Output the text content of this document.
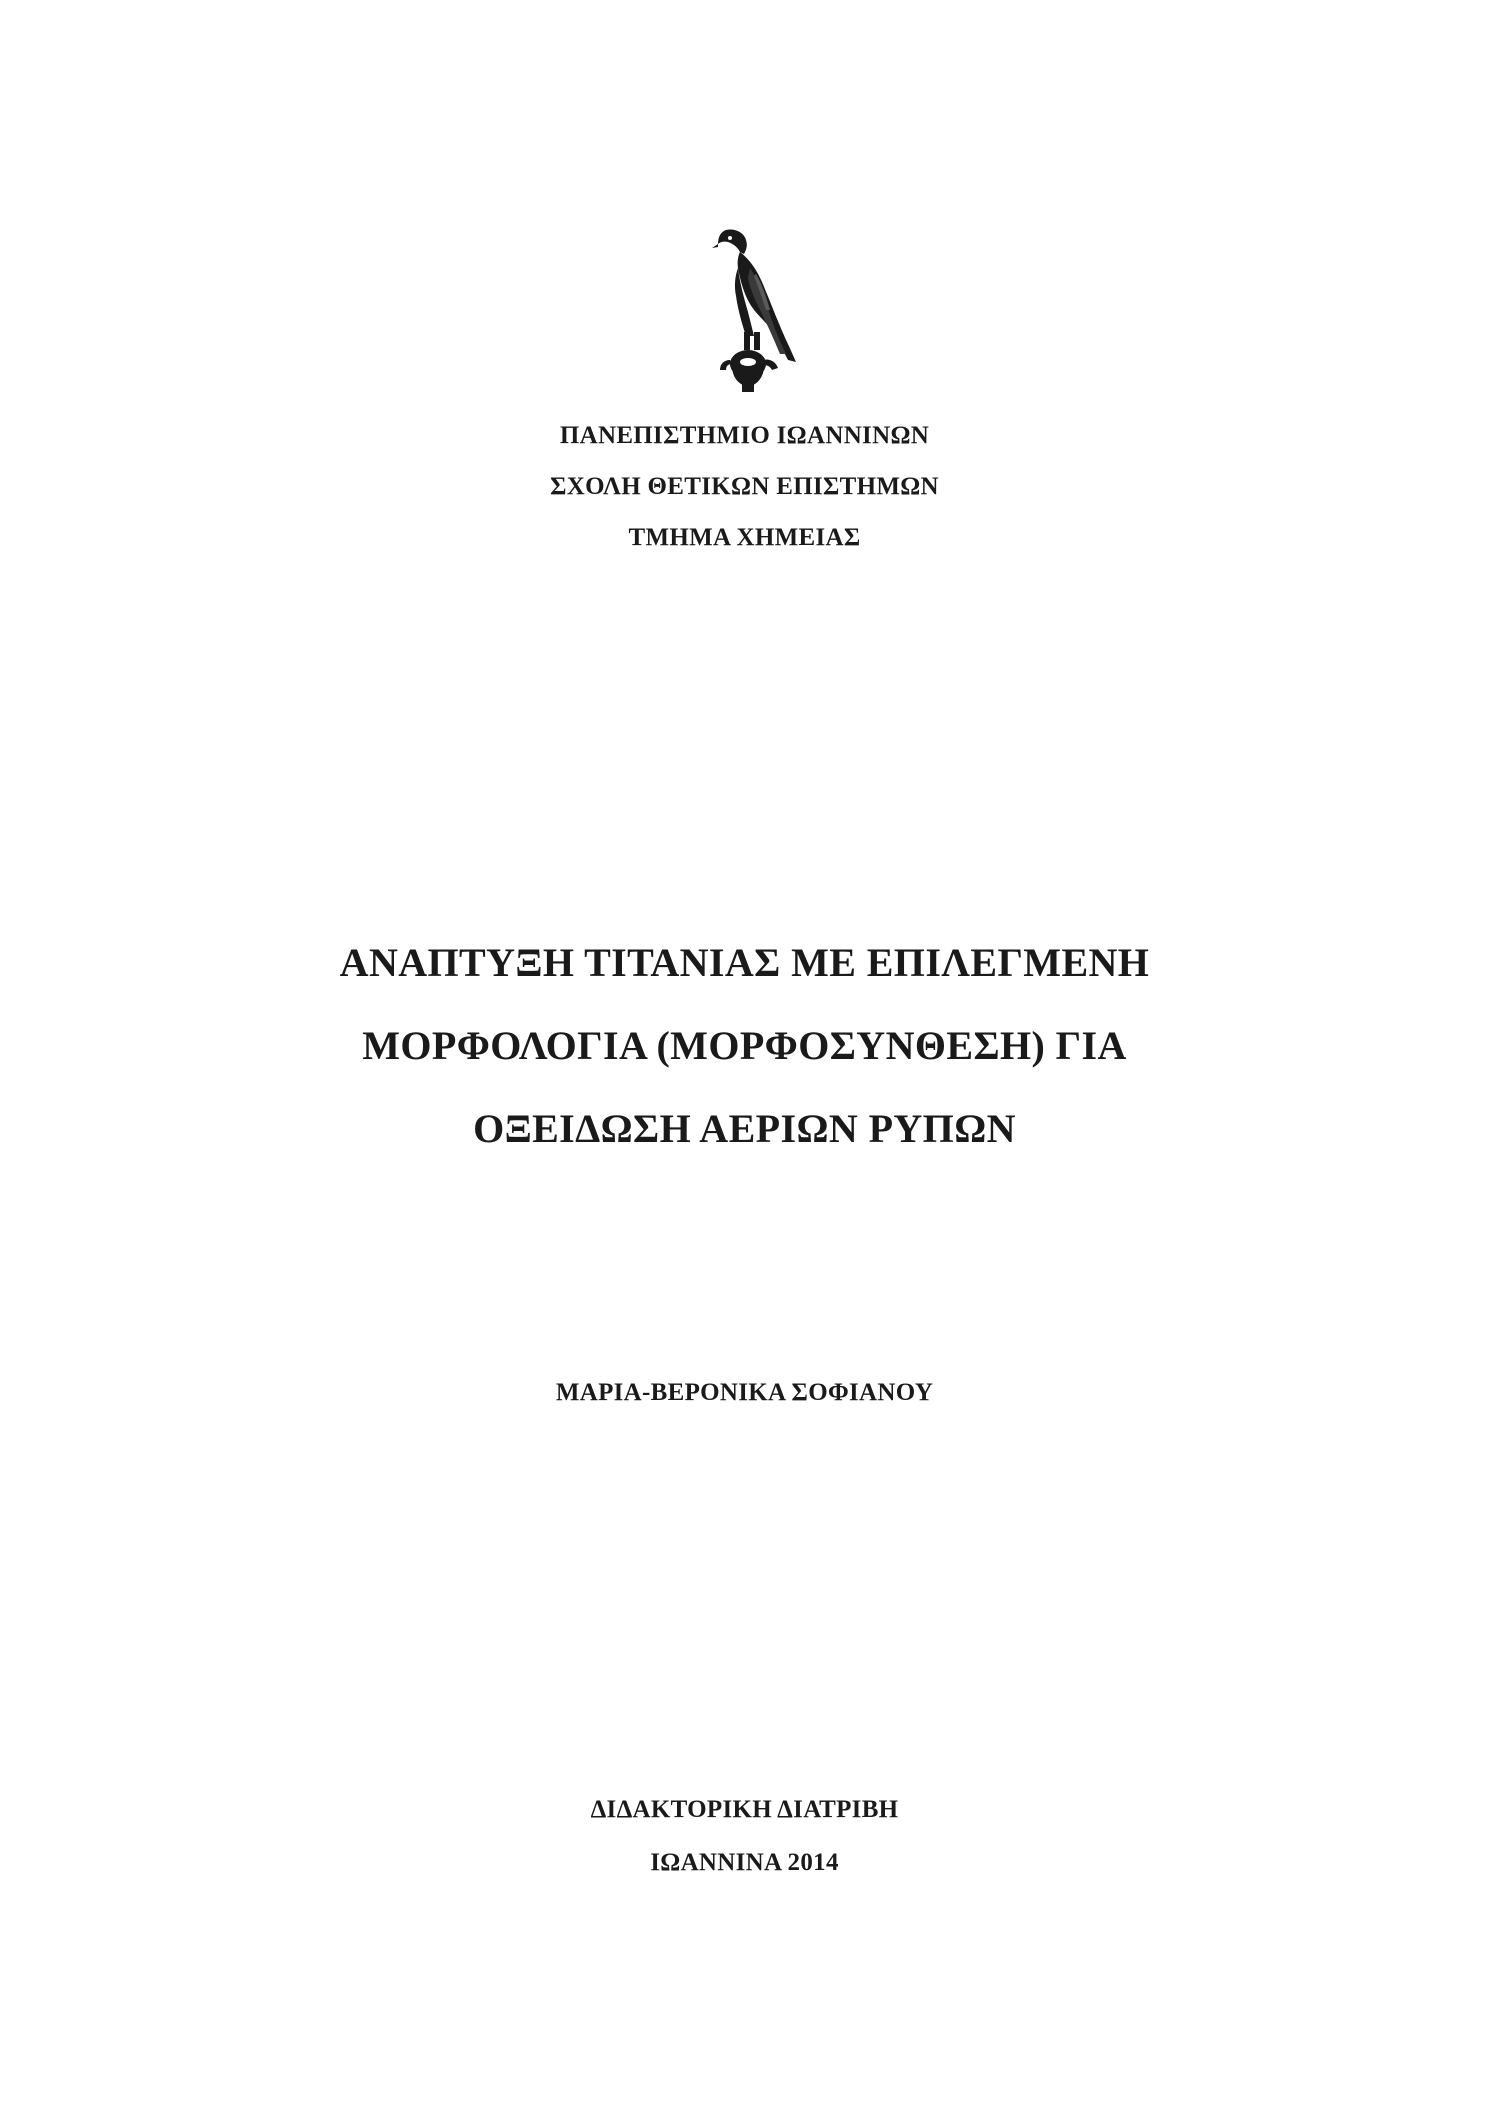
ΠΑΝΕΠΙΣΤΗΜΙΟ ΙΩΑΝΝΙΝΩΝ
ΣΧΟΛΗ ΘΕΤΙΚΩΝ ΕΠΙΣΤΗΜΩΝ
ΤΜΗΜΑ ΧΗΜΕΙΑΣ
ΑΝΑΠΤΥΞΗ ΤΙΤΑΝΙΑΣ ΜΕ ΕΠΙΛΕΓΜΕΝΗ
ΜΟΡΦΟΛΟΓΙΑ (ΜΟΡΦΟΣΥΝΘΕΣΗ) ΓΙΑ
ΟΞΕΙΔΩΣΗ ΑΕΡΙΩΝ ΡΥΠΩΝ
ΜΑΡΙΑ-ΒΕΡΟΝΙΚΑ ΣΟΦΙΑΝΟΥ
ΔΙΔΑΚΤΟΡΙΚΗ ΔΙΑΤΡΙΒΗ
ΙΩΑΝΝΙΝΑ 2014
